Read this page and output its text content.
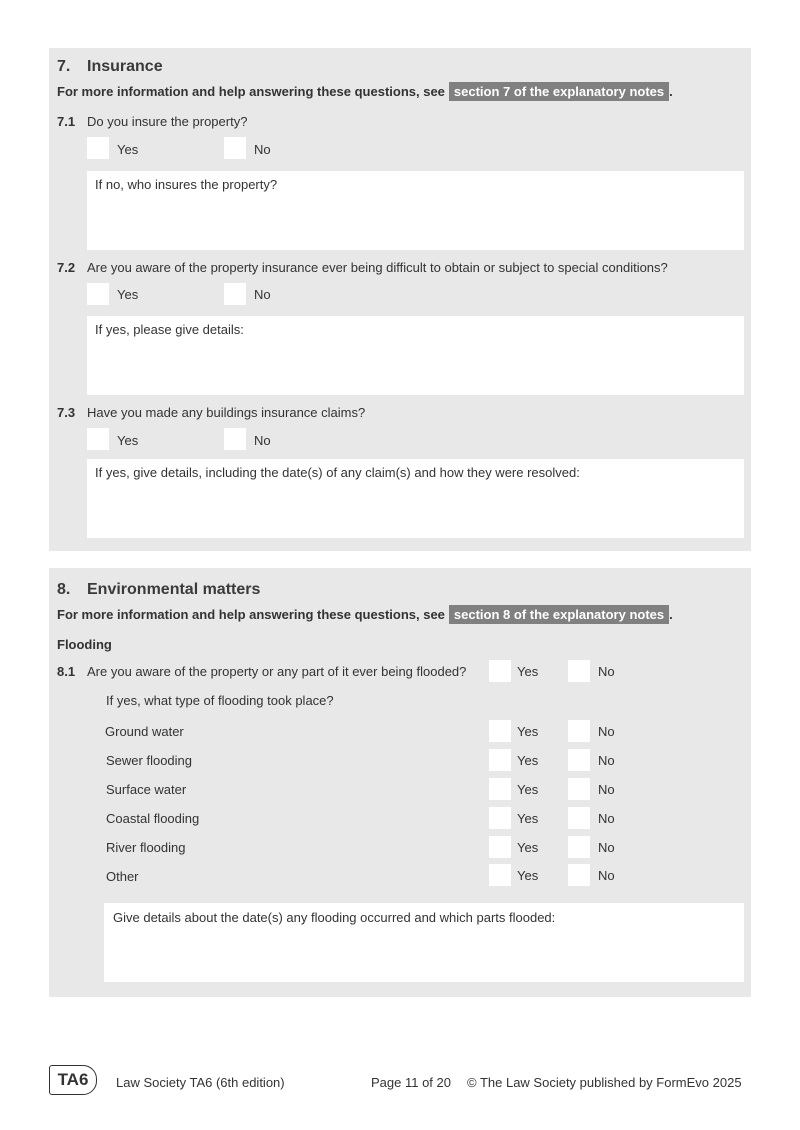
7. Insurance
For more information and help answering these questions, see section 7 of the explanatory notes .
7.1 Do you insure the property?
Yes	No
If no, who insures the property?
7.2 Are you aware of the property insurance ever being difficult to obtain or subject to special conditions?
Yes	No
If yes, please give details:
7.3 Have you made any buildings insurance claims?
Yes	No
If yes, give details, including the date(s) of any claim(s) and how they were resolved:
8. Environmental matters
For more information and help answering these questions, see section 8 of the explanatory notes .
Flooding
8.1 Are you aware of the property or any part of it ever being flooded?	Yes	No
If yes, what type of flooding took place?
Ground water	Yes	No
Sewer flooding	Yes	No
Surface water	Yes	No
Coastal flooding	Yes	No
River flooding	Yes	No
Other	Yes	No
Give details about the date(s) any flooding occurred and which parts flooded:
TA6	Law Society TA6 (6th edition)	Page 11 of 20 © The Law Society published by FormEvo 2025
